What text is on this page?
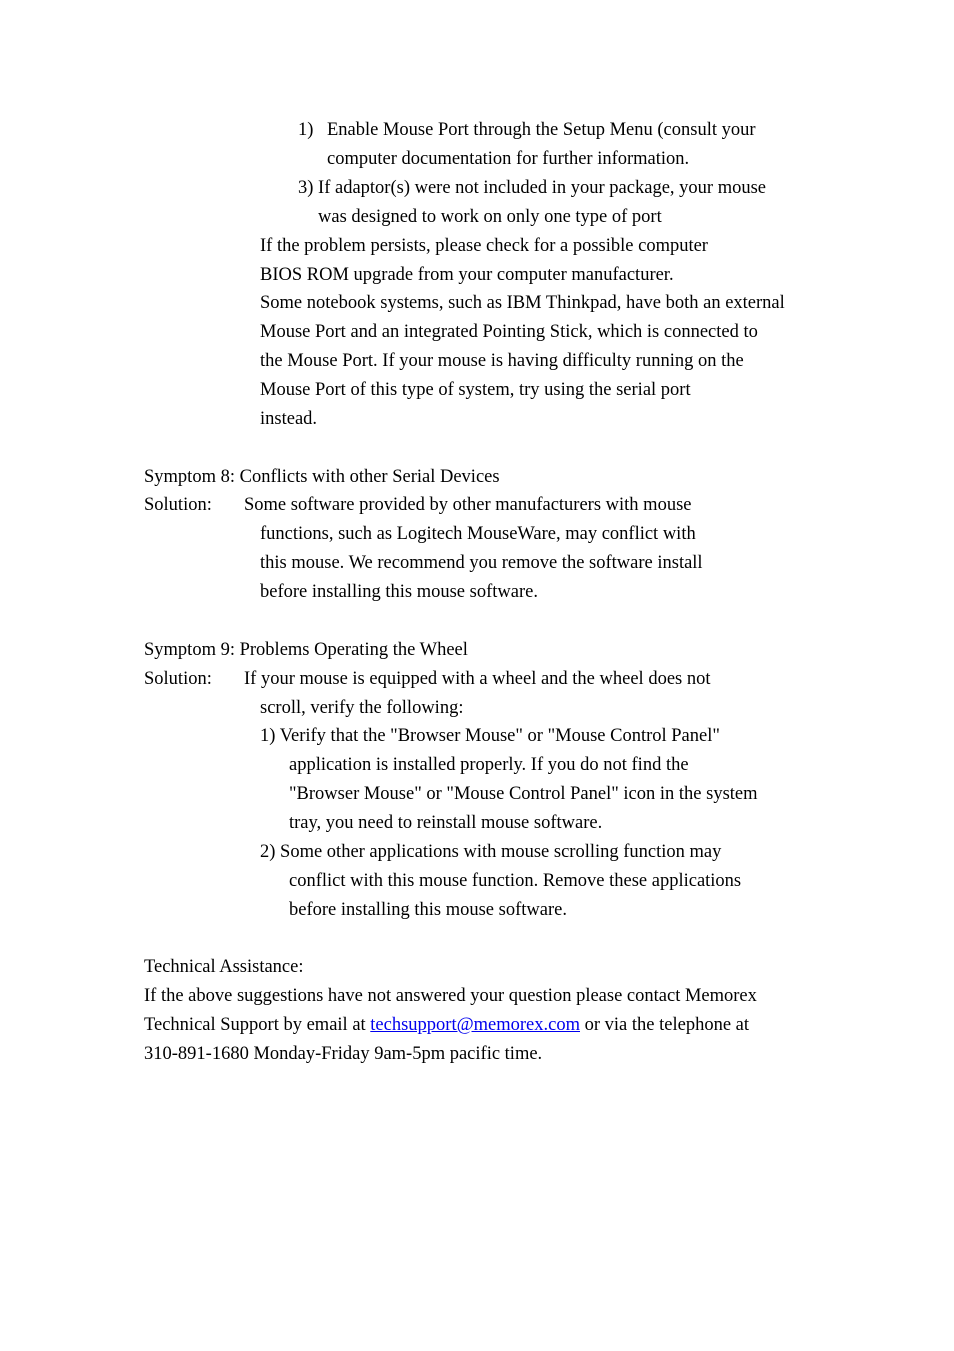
1) Enable Mouse Port through the Setup Menu (consult your
computer documentation for further information.
3) If adaptor(s) were not included in your package, your mouse
was designed to work on only one type of port
If the problem persists, please check for a possible computer
BIOS ROM upgrade from your computer manufacturer.
Some notebook systems, such as IBM Thinkpad, have both an external
Mouse Port and an integrated Pointing Stick, which is connected to
the Mouse Port. If your mouse is having difficulty running on the
Mouse Port of this type of system, try using the serial port
instead.
Symptom 8: Conflicts with other Serial Devices
Solution: Some software provided by other manufacturers with mouse
functions, such as Logitech MouseWare, may conflict with
this mouse. We recommend you remove the software install
before installing this mouse software.
Symptom 9: Problems Operating the Wheel
Solution: If your mouse is equipped with a wheel and the wheel does not
scroll, verify the following:
1) Verify that the "Browser Mouse" or "Mouse Control Panel"
application is installed properly. If you do not find the
"Browser Mouse" or "Mouse Control Panel" icon in the system
tray, you need to reinstall mouse software.
2) Some other applications with mouse scrolling function may
conflict with this mouse function. Remove these applications
before installing this mouse software.
Technical Assistance:
If the above suggestions have not answered your question please contact Memorex
Technical Support by email at techsupport@memorex.com or via the telephone at
310-891-1680 Monday-Friday 9am-5pm pacific time.
